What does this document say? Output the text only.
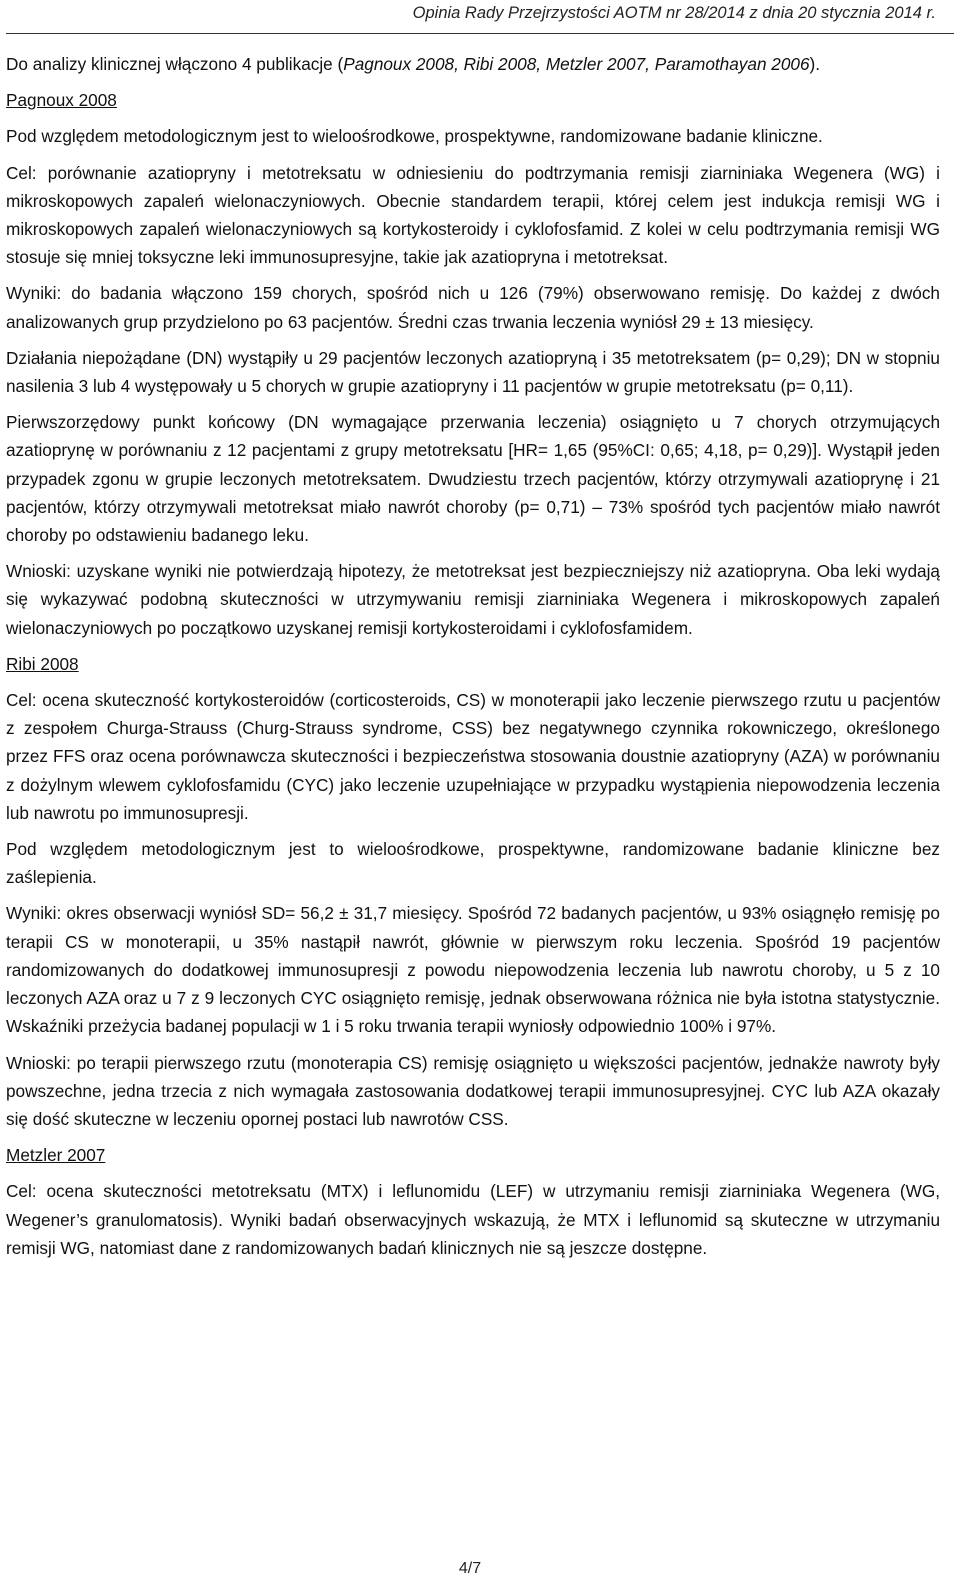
Opinia Rady Przejrzystości AOTM nr 28/2014 z dnia 20 stycznia 2014 r.

Do analizy klinicznej włączono 4 publikacje (Pagnoux 2008, Ribi 2008, Metzler 2007, Paramothayan 2006).

Pagnoux 2008

Pod względem metodologicznym jest to wieloośrodkowe, prospektywne, randomizowane badanie kliniczne.

Cel: porównanie azatiopryny i metotreksatu w odniesieniu do podtrzymania remisji ziarniniaka Wegenera (WG) i mikroskopowych zapaleń wielonaczyniowych. Obecnie standardem terapii, której celem jest indukcja remisji WG i mikroskopowych zapaleń wielonaczyniowych są kortykosteroidy i cyklofosfamid. Z kolei w celu podtrzymania remisji WG stosuje się mniej toksyczne leki immunosupresyjne, takie jak azatiopryna i metotreksat.

Wyniki: do badania włączono 159 chorych, spośród nich u 126 (79%) obserwowano remisję. Do każdej z dwóch analizowanych grup przydzielono po 63 pacjentów. Średni czas trwania leczenia wyniósł 29 ± 13 miesięcy.

Działania niepożądane (DN) wystąpiły u 29 pacjentów leczonych azatiopryną i 35 metotreksatem (p= 0,29); DN w stopniu nasilenia 3 lub 4 występowały u 5 chorych w grupie azatiopryny i 11 pacjentów w grupie metotreksatu (p= 0,11).

Pierwszorzędowy punkt końcowy (DN wymagające przerwania leczenia) osiągnięto u 7 chorych otrzymujących azatioprynę w porównaniu z 12 pacjentami z grupy metotreksatu [HR= 1,65 (95%CI: 0,65; 4,18, p= 0,29)]. Wystąpił jeden przypadek zgonu w grupie leczonych metotreksatem. Dwudziestu trzech pacjentów, którzy otrzymywali azatioprynę i 21 pacjentów, którzy otrzymywali metotreksat miało nawrót choroby (p= 0,71) – 73% spośród tych pacjentów miało nawrót choroby po odstawieniu badanego leku.

Wnioski: uzyskane wyniki nie potwierdzają hipotezy, że metotreksat jest bezpieczniejszy niż azatiopryna. Oba leki wydają się wykazywać podobną skuteczności w utrzymywaniu remisji ziarniniaka Wegenera i mikroskopowych zapaleń wielonaczyniowych po początkowo uzyskanej remisji kortykosteroidami i cyklofosfamidem.

Ribi 2008

Cel: ocena skuteczność kortykosteroidów (corticosteroids, CS) w monoterapii jako leczenie pierwszego rzutu u pacjentów z zespołem Churga-Strauss (Churg-Strauss syndrome, CSS) bez negatywnego czynnika rokowniczego, określonego przez FFS oraz ocena porównawcza skuteczności i bezpieczeństwa stosowania doustnie azatiopryny (AZA) w porównaniu z dożylnym wlewem cyklofosfamidu (CYC) jako leczenie uzupełniające w przypadku wystąpienia niepowodzenia leczenia lub nawrotu po immunosupresji.

Pod względem metodologicznym jest to wieloośrodkowe, prospektywne, randomizowane badanie kliniczne bez zaślepienia.

Wyniki: okres obserwacji wyniósł SD= 56,2 ± 31,7 miesięcy. Spośród 72 badanych pacjentów, u 93% osiągnęło remisję po terapii CS w monoterapii, u 35% nastąpił nawrót, głównie w pierwszym roku leczenia. Spośród 19 pacjentów randomizowanych do dodatkowej immunosupresji z powodu niepowodzenia leczenia lub nawrotu choroby, u 5 z 10 leczonych AZA oraz u 7 z 9 leczonych CYC osiągnięto remisję, jednak obserwowana różnica nie była istotna statystycznie. Wskaźniki przeżycia badanej populacji w 1 i 5 roku trwania terapii wyniosły odpowiednio 100% i 97%.

Wnioski: po terapii pierwszego rzutu (monoterapia CS) remisję osiągnięto u większości pacjentów, jednakże nawroty były powszechne, jedna trzecia z nich wymagała zastosowania dodatkowej terapii immunosupresyjnej. CYC lub AZA okazały się dość skuteczne w leczeniu opornej postaci lub nawrotów CSS.

Metzler 2007

Cel: ocena skuteczności metotreksatu (MTX) i leflunomidu (LEF) w utrzymaniu remisji ziarniniaka Wegenera (WG, Wegener’s granulomatosis). Wyniki badań obserwacyjnych wskazują, że MTX i leflunomid są skuteczne w utrzymaniu remisji WG, natomiast dane z randomizowanych badań klinicznych nie są jeszcze dostępne.

4/7
